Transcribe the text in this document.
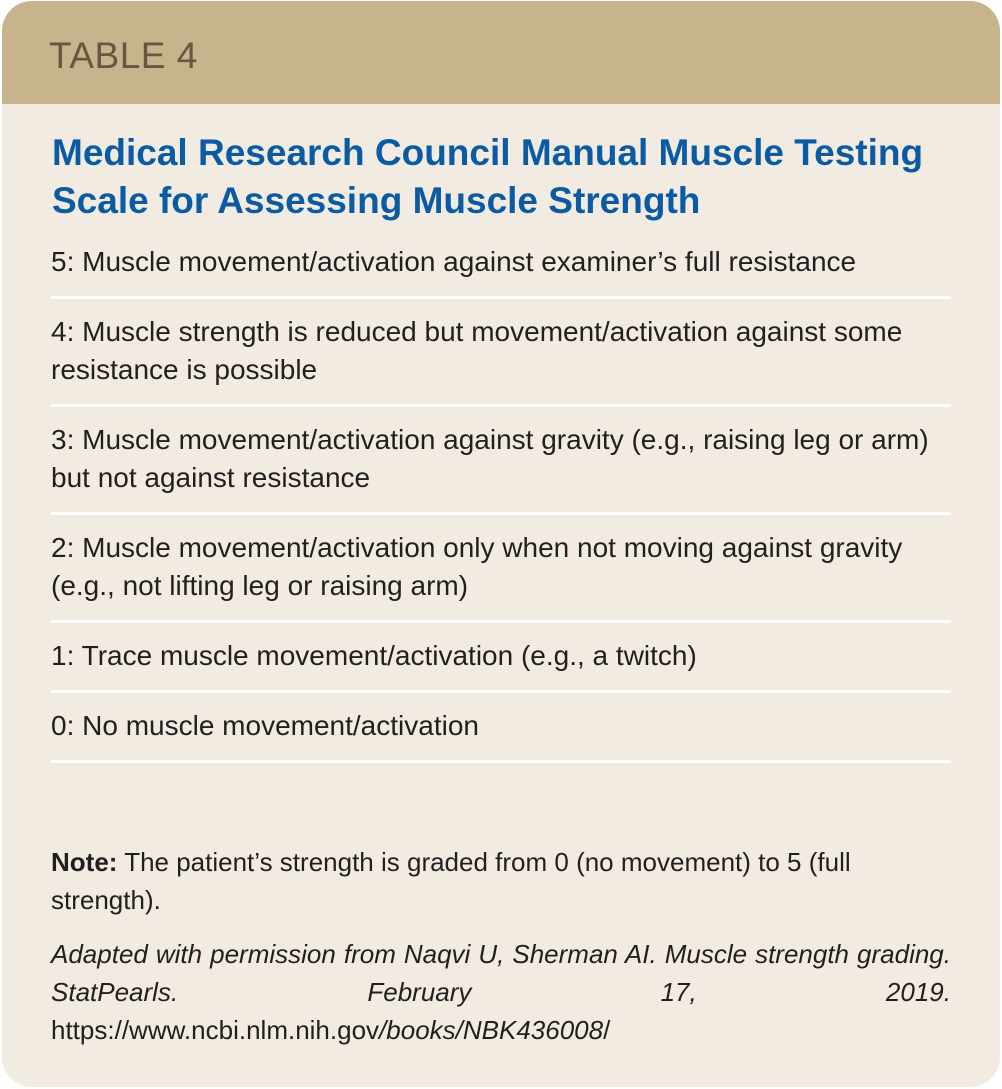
TABLE 4
Medical Research Council Manual Muscle Testing Scale for Assessing Muscle Strength
5: Muscle movement/activation against examiner’s full resistance
4: Muscle strength is reduced but movement/activation against some resistance is possible
3: Muscle movement/activation against gravity (e.g., raising leg or arm) but not against resistance
2: Muscle movement/activation only when not moving against gravity (e.g., not lifting leg or raising arm)
1: Trace muscle movement/activation (e.g., a twitch)
0: No muscle movement/activation
Note: The patient’s strength is graded from 0 (no movement) to 5 (full strength).
Adapted with permission from Naqvi U, Sherman AI. Muscle strength grading. StatPearls. February 17, 2019. https://www.ncbi.nlm.nih.gov/books/NBK436008/
